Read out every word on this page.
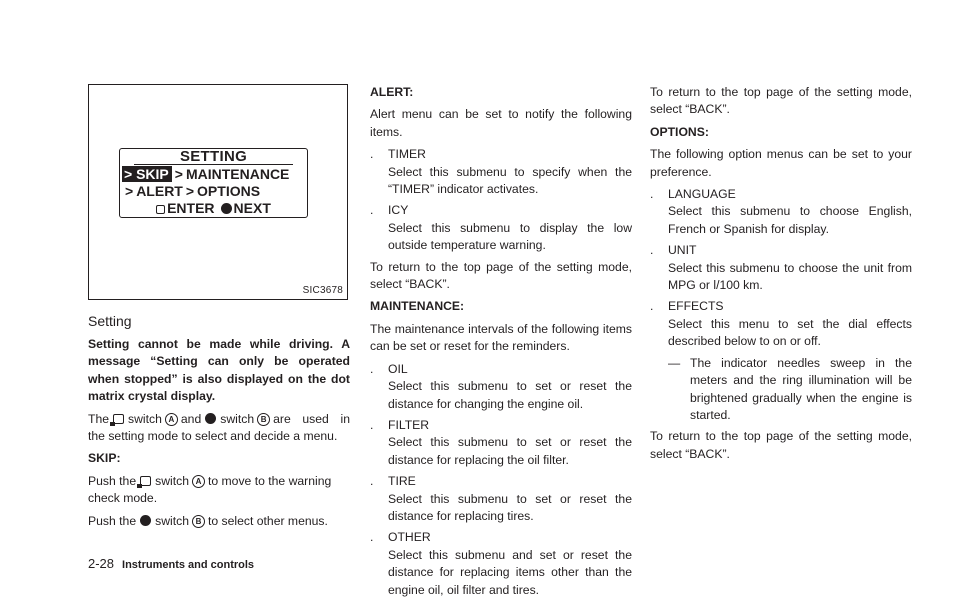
SETTING
> SKIP > MAINTENANCE
> ALERT > OPTIONS
ENTER NEXT
SIC3678
Setting

Setting cannot be made while driving. A message “Setting can only be operated when stopped” is also displayed on the dot matrix crystal display.

The switch A and switch B are used in the setting mode to select and decide a menu.

SKIP:

Push the switch A to move to the warning check mode.

Push the switch B to select other menus.

ALERT:

Alert menu can be set to notify the following items.

. TIMER
Select this submenu to specify when the “TIMER” indicator activates.
. ICY
Select this submenu to display the low outside temperature warning.

To return to the top page of the setting mode, select “BACK”.

MAINTENANCE:

The maintenance intervals of the following items can be set or reset for the reminders.

. OIL
Select this submenu to set or reset the distance for changing the engine oil.
. FILTER
Select this submenu to set or reset the distance for replacing the oil filter.
. TIRE
Select this submenu to set or reset the distance for replacing tires.
. OTHER
Select this submenu and set or reset the distance for replacing items other than the engine oil, oil filter and tires.

To return to the top page of the setting mode, select “BACK”.

OPTIONS:

The following option menus can be set to your preference.

. LANGUAGE
Select this submenu to choose English, French or Spanish for display.
. UNIT
Select this submenu to choose the unit from MPG or l/100 km.
. EFFECTS
Select this menu to set the dial effects described below to on or off.
— The indicator needles sweep in the meters and the ring illumination will be brightened gradually when the engine is started.

To return to the top page of the setting mode, select “BACK”.

2-28 Instruments and controls
